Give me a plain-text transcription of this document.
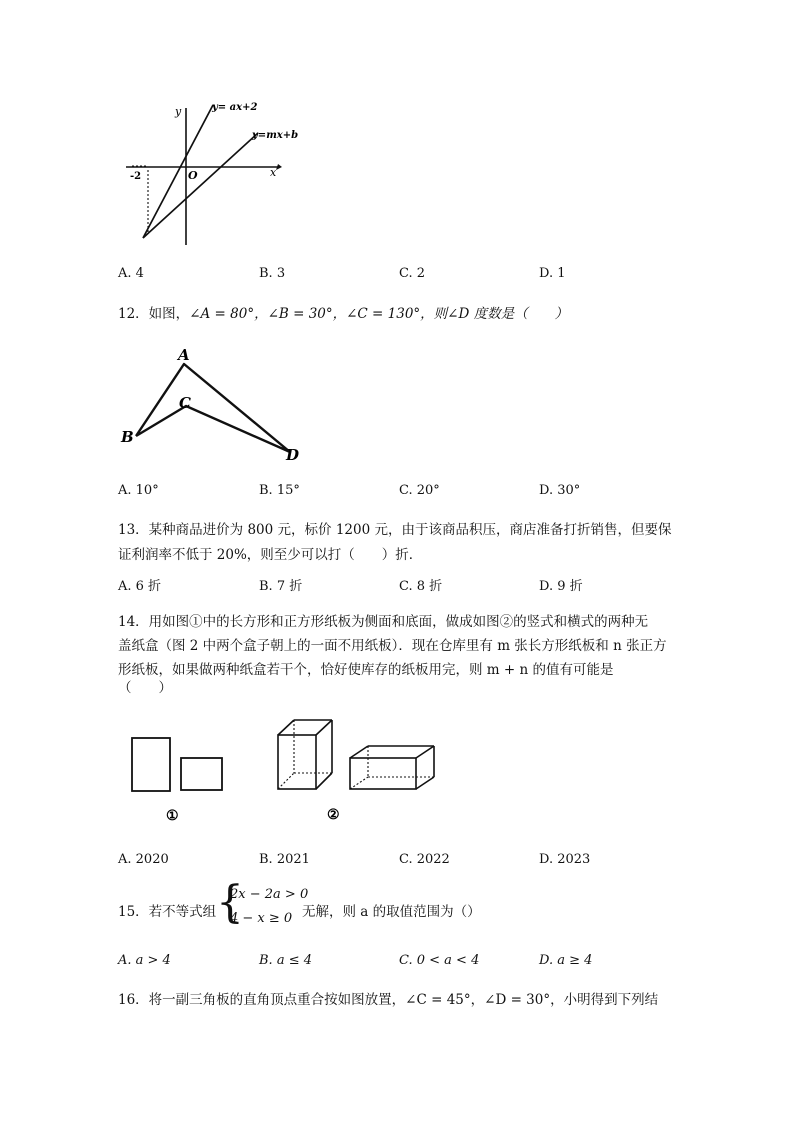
y
x
O
-2
y= ax+2
y=mx+b
A. 4	B. 3	C. 2	D. 1
12．如图，∠A = 80°，∠B = 30°，∠C = 130°，则∠D 度数是（　　）
A
B
C
D
A. 10°	B. 15°	C. 20°	D. 30°
13．某种商品进价为 800 元，标价 1200 元，由于该商品积压，商店准备打折销售，但要保
证利润率不低于 20%，则至少可以打（　　）折．
A. 6 折	B. 7 折	C. 8 折	D. 9 折
14．用如图①中的长方形和正方形纸板为侧面和底面，做成如图②的竖式和横式的两种无
盖纸盒（图 2 中两个盒子朝上的一面不用纸板）．现在仓库里有 m 张长方形纸板和 n 张正方
形纸板，如果做两种纸盒若干个，恰好使库存的纸板用完，则 m + n 的值有可能是
（　　）
①	②
A. 2020	B. 2021	C. 2022	D. 2023
15．若不等式组 {
2x − 2a > 0
4 − x ≥ 0 无解，则 a 的取值范围为（）
A. a > 4	B. a ≤ 4	C. 0 < a < 4	D. a ≥ 4
16．将一副三角板的直角顶点重合按如图放置，∠C = 45°，∠D = 30°，小明得到下列结
